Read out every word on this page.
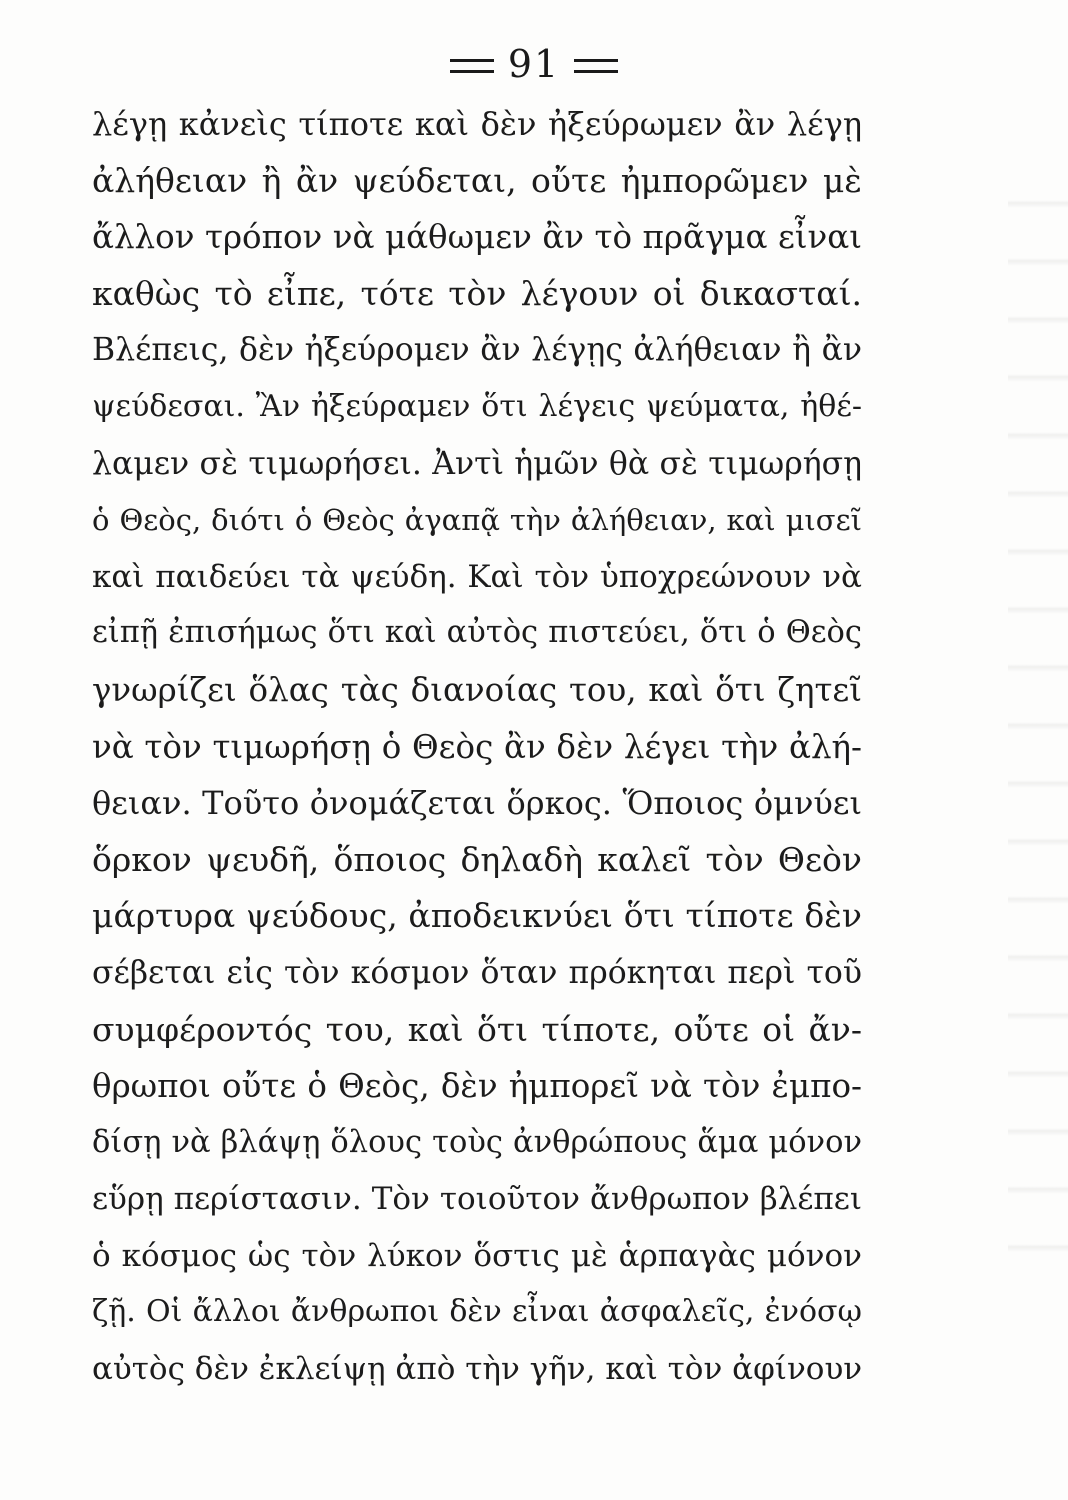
91
λέγῃ κἀνεὶς τίποτε καὶ δὲν ἠξεύρωμεν ἂν λέγῃ
ἀλήθειαν ἢ ἂν ψεύδεται, οὔτε ἠμπορῶμεν μὲ
ἄλλον τρόπον νὰ μάθωμεν ἂν τὸ πρᾶγμα εἶναι
καθὼς τὸ εἶπε, τότε τὸν λέγουν οἱ δικασταί.
Βλέπεις, δὲν ἠξεύρομεν ἂν λέγῃς ἀλήθειαν ἢ ἂν
ψεύδεσαι. Ἂν ἠξεύραμεν ὅτι λέγεις ψεύματα, ἠθέ-
λαμεν σὲ τιμωρήσει. Ἀντὶ ἡμῶν θὰ σὲ τιμωρήσῃ
ὁ Θεὸς, διότι ὁ Θεὸς ἀγαπᾷ τὴν ἀλήθειαν, καὶ μισεῖ
καὶ παιδεύει τὰ ψεύδη. Καὶ τὸν ὑποχρεώνουν νὰ
εἰπῇ ἐπισήμως ὅτι καὶ αὐτὸς πιστεύει, ὅτι ὁ Θεὸς
γνωρίζει ὅλας τὰς διανοίας του, καὶ ὅτι ζητεῖ
νὰ τὸν τιμωρήσῃ ὁ Θεὸς ἂν δὲν λέγει τὴν ἀλή-
θειαν. Τοῦτο ὀνομάζεται ὅρκος. Ὅποιος ὀμνύει
ὅρκον ψευδῆ, ὅποιος δηλαδὴ καλεῖ τὸν Θεὸν
μάρτυρα ψεύδους, ἀποδεικνύει ὅτι τίποτε δὲν
σέβεται εἰς τὸν κόσμον ὅταν πρόκηται περὶ τοῦ
συμφέροντός του, καὶ ὅτι τίποτε, οὔτε οἱ ἄν-
θρωποι οὔτε ὁ Θεὸς, δὲν ἠμπορεῖ νὰ τὸν ἐμπο-
δίσῃ νὰ βλάψῃ ὅλους τοὺς ἀνθρώπους ἅμα μόνον
εὕρῃ περίστασιν. Τὸν τοιοῦτον ἄνθρωπον βλέπει
ὁ κόσμος ὡς τὸν λύκον ὅστις μὲ ἁρπαγὰς μόνον
ζῇ. Οἱ ἄλλοι ἄνθρωποι δὲν εἶναι ἀσφαλεῖς, ἐνόσῳ
αὐτὸς δὲν ἐκλείψῃ ἀπὸ τὴν γῆν, καὶ τὸν ἀφίνουν
